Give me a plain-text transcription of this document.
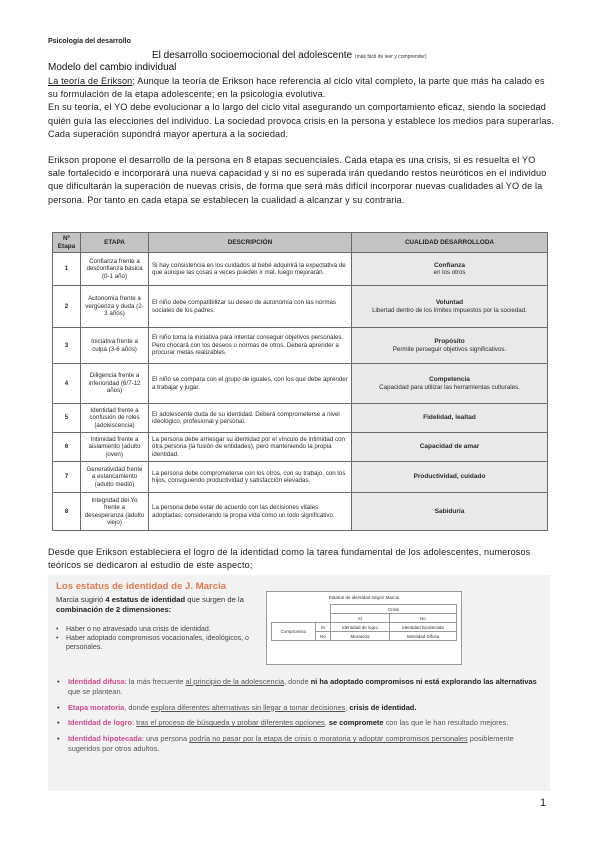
Psicología del desarrollo
El desarrollo socioemocional del adolescente (más fácil de leer y comprender)
Modelo del cambio individual
La teoría de Erikson; Aunque la teoría de Erikson hace referencia al ciclo vital completo, la parte que más ha calado es su formulación de la etapa adolescente; en la psicología evolutiva.
En su teoría, el YO debe evolucionar a lo largo del ciclo vital asegurando un comportamiento eficaz, siendo la sociedad quién guía las elecciones del individuo. La sociedad provoca crisis en la persona y establece los medios para superarlas. Cada superación supondrá mayor apertura a la sociedad.
Erikson propone el desarrollo de la persona en 8 etapas secuenciales. Cada etapa es una crisis, si es resuelta el YO sale fortalecido e incorporará una nueva capacidad y si no es superada irán quedando restos neuróticos en el individuo que dificultarán la superación de nuevas crisis, de forma que será más difícil incorporar nuevas cualidades al YO de la persona. Por tanto en cada etapa se establecen la cualidad a alcanzar y su contraria.
Nº Etapa	ETAPA	DESCRIPCIÓN	CUALIDAD DESARROLLODA
1	Confianza frente a desconfianza básica (0-1 año)	Si hay consistencia en los cuidados al bebé adquirirá la expectativa de que aunque las cosas a veces pueden ir mal, luego mejorarán.	Confianza
en los otros

2	Autonomía frente a vergüenza y duda (2-3 años)	El niño debe compatibilizar su deseo de autonomía con las normas sociales de los padres.	Voluntad
Libertad dentro de los límites impuestos por la sociedad.

3	Iniciativa frente a culpa (3-6 años)	El niño toma la iniciativa para intentar conseguir objetivos personales. Pero chocará con los deseos o normas de otros. Deberá aprender a procurar metas realizables.	Propósito
Permite perseguir objetivos significativos.

4	Diligencia frente a inferioridad (6/7-12 años)	El niño se compara con el grupo de iguales, con los que debe aprender a trabajar y jugar.	Competencia
Capacidad para utilizar las herramientas culturales.

5	Identidad frente a confusión de roles (adolescencia)	El adolescente duda de su identidad. Deberá comprometerse a nivel ideológico, profesional y personal.	Fidelidad, lealtad

6	Intimidad frente a aislamiento (adulto joven)	La persona debe arriesgar su identidad por el vínculo de intimidad con otra persona (la fusión de entidades), pero manteniendo la propia identidad.	Capacidad de amar

7	Generatividad frente a estancamiento (adulto medio)	La persona debe comprometerse con los otros, con su trabajo, con los hijos, consiguiendo productividad y satisfacción elevadas.	Productividad, cuidado

8	Integridad del Yo frente a desesperanza (adulto viejo)	La persona debe estar de acuerdo con las decisiones vitales adoptadas, considerando la propia vida como un todo significativo.	Sabiduría
Desde que Erikson estableciera el logro de la identidad como la tarea fundamental de los adolescentes, numerosos teóricos se dedicaron al estudio de este aspecto;
Los estatus de identidad de J. Marcia
Marcia sugirió 4 estatus de identidad que surgen de la combinación de 2 dimensiones:
• Haber o no atravesado una crisis de identidad.
• Haber adoptado compromisos vocacionales, ideológicos, o personales.
Estatus de identidad según Marcia
		Crisis	
		Sí	No
Compromiso	Sí	Identidad de logro	Identidad hipotecada
	No	Moratoria	Identidad Difusa
• Identidad difusa: la más frecuente al principio de la adolescencia, donde ni ha adoptado compromisos ni está explorando las alternativas que se plantean.
• Etapa moratoria, donde explora diferentes alternativas sin llegar a tomar decisiones, crisis de identidad.
• Identidad de logro: tras el proceso de búsqueda y probar diferentes opciones, se compromete con las que le han resultado mejores.
• Identidad hipotecada: una persona podría no pasar por la etapa de crisis o moratoria y adoptar compromisos personales posiblemente sugeridos por otros adultos.
1
